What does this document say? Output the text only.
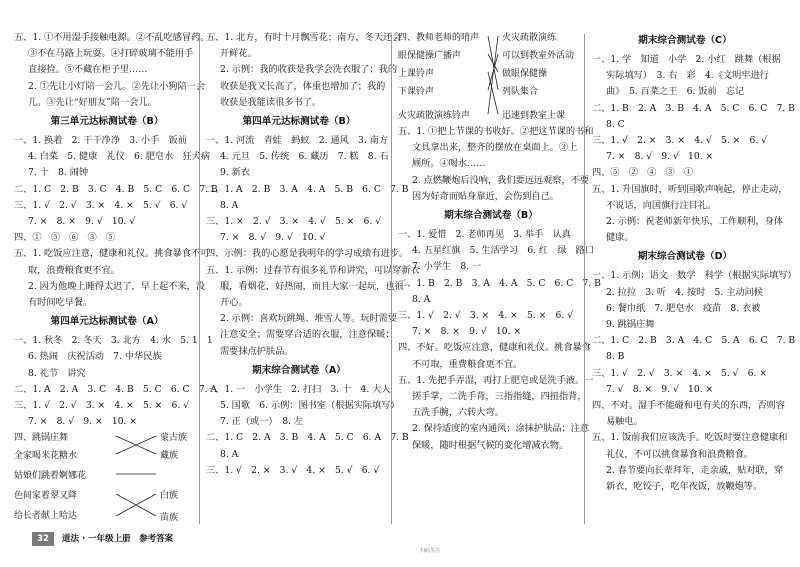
五、1. ①不用湿手接触电源。②不乱吃感冒药。
③不在马路上玩耍。④打碎玻璃不能用手
直接捡。⑤不藏在柜子里……
2. ①先让小灯陪一会儿。②先让小狗陪一会
儿。③先让“好朋友”陪一会儿。
第三单元达标测试卷（B）
一、1. 换着　2. 干干净净　3. 小手　饭前
4. 白菜　5. 健康　礼仪　6. 肥皂水　狂犬病
7. 十　8. 闹钟
二、1. C　2. B　3. C　4. B　5. C　6. C　7. B
三、1. √　2. √　3. ×　4. ×　5. √　6. √
7. ×　8. ×　9. √　10. √
四、①　⑤　⑥　③　⑤
五、1. 吃饭应注意，健康和礼仪。挑食暴食不可
取，浪费粮食更不宜。
2. 因为他晚上睡得太迟了，早上起不来，没
有时间吃早餐。
第四单元达标测试卷（A）
一、1. 秋冬　2. 冬天　3. 北方　4. 水　5. 1　1
6. 热闹　庆祝活动　7. 中华民族
8. 礼节　讲究
二、1. A　2. A　3. C　4. B　5. C　6. C　7. A
三、1. √　2. √　3. ×　4. ×　5. ×　6. √
7. ×　8. √　9. ×　10. ×
四、跳锅庄舞
全家喝米花糖水
姑娘们跳着婀娜花
色间家着翠又降
给长者献上哈达
蒙古族
藏族
白族
苗族
五、1. 北方，有时十月飘雪花；南方，冬天还会
开鲜花。
2. 示例：我的收获是我学会洗衣服了；我的
收获是我又长高了，体重也增加了；我的
收获是我能读很多书了。
第四单元达标测试卷（B）
一、1. 河流　青蛙　蚂蚁　2. 通风　3. 南方
4. 元旦　5. 传统　6. 藏历　7. 糕　8. 石
9. 新衣
二、1. A　2. B　3. A　4. A　5. B　6. C　7. B
8. A
三、1. ×　2. √　3. ×　4. √　5. ×　6. √
7. ×　8. √　9. √　10. √
四、示例：我的心愿是我明年的学习成绩有进步。
五、1. 示例：过春节有很多礼节和讲究，可以穿新衣
服，看烟花，好热闹，而且大家一起玩，也很
开心。
2. 示例：喜欢玩跳绳、堆雪人等。玩时需要
注意安全；需要穿合适的衣服，注意保暖；
需要抹点护肤品。
期末综合测试卷（A）
一、1. 一　小学生　2. 打扫　3. 十　4. 大人
5. 国歌　6. 示例：图书室（根据实际填写）
7. 正（或一）　8. 左
二、1. C　2. A　3. B　4. A　5. C　6. A　7. B
8. A
三、1. √　2. ×　3. √　4. ×　5. √　6. √
四、教师老师的哨声
眼保健操广播声
上课铃声
下课铃声
火灾疏散演练铃声
火灾疏散演练
可以到教室外活动
做眼保健操
列队集合
迅速到教室上课
五、1. ①把上节课的书收好。②把这节课的书和
文具拿出来，整齐的摆放在桌面上。③上
厕所。④喝水……
2. 点燃鞭炮后没响，我们要远远观察，不要
因为好奇而贴身靠近，会伤到自己。
期末综合测试卷（B）
一、1. 爱惜　2. 老师再见　3. 举手　认真
4. 五星红旗　5. 生活学习　6. 红　绿　路口
7. 小学生　8. 一
二、1. B　2. B　3. A　4. A　5. C　6. C　7. B
8. A
三、1. √　2. √　3. ×　4. ×　5. ×　6. √
7. ×　8. ×　9. √　10. ×
四、不好。吃饭应注意，健康和礼仪。挑食暴食
不可取，重费粮食更不宜。
五、1. 先把手弄湿，再打上肥皂或是洗手液。一
搓手掌，二洗手背，三指指缝，四扭指背，
五洗手腕，六转大弯。
2. 保持适度的室内通风；涂抹护肤品；注意
保暖，随时根据气候的变化增减衣物。
期末综合测试卷（C）
一、1. 学　知道　小学　2. 小红　跳舞（根据
实际填写）　3. 右　彩　4.《文明牢进行
曲》　5. 百菜之王　6. 饭前　忘记
二、1. B　2. A　3. B　4. A　5. C　6. C　7. B
8. C
三、1. √　2. ×　3. ×　4. √　5. ×　6. √
7. ×　8. √　9. √　10. ×
四、⑤　②　④　③　①
五、1. 升国旗时，听到国歌声响起，停止走动，
不说话，向国旗行注目礼。
2. 示例：祝老师新年快乐，工作顺利，身体
健康。
期末综合测试卷（D）
一、1. 示例：语文　数学　科学（根据实际填写）
2. 拉拉　3. 听　4. 按时　5. 主动问候
6. 餐巾纸　7. 肥皂水　疫苗　8. 衣被
9. 跳锅庄舞
二、1. C　2. B　3. A　4. C　5. A　6. C　7. B
8. B
三、1. √　2. √　3. ×　4. ×　5. √　6. ×
7. √　8. ×　9. √　10. ×
四、不对。湿手不能碰和电有关的东西，否则容
易触电。
五、1. 饭前我们应该洗手。吃饭时要注意健康和
礼仪，不可以挑食暴食和浪费粮食。
2. 春节要向长辈拜年，走亲戚，贴对联，穿
新衣，吃饺子，吃年夜饭，放鞭炮等。
32	道法 · 一年级上册　参考答案
扫码关注
